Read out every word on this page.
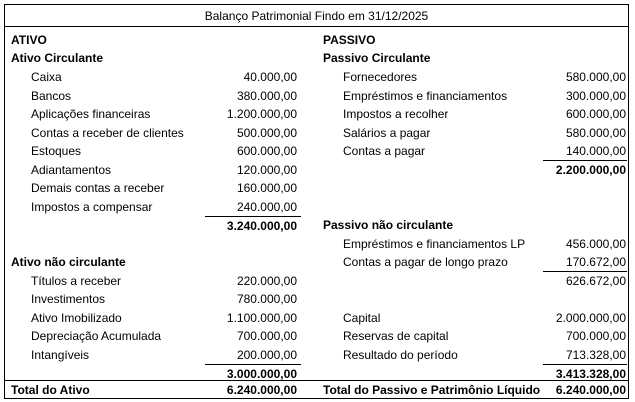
Balanço Patrimonial Findo em 31/12/2025
ATIVO
Ativo Circulante
Caixa	40.000,00
Bancos	380.000,00
Aplicações financeiras	1.200.000,00
Contas a receber de clientes	500.000,00
Estoques	600.000,00
Adiantamentos	120.000,00
Demais contas a receber	160.000,00
Impostos a compensar	240.000,00
3.240.000,00
Ativo não circulante
Títulos a receber	220.000,00
Investimentos	780.000,00
Ativo Imobilizado	1.100.000,00
Depreciação Acumulada	700.000,00
Intangíveis	200.000,00
3.000.000,00
PASSIVO
Passivo Circulante
Fornecedores	580.000,00
Empréstimos e financiamentos	300.000,00
Impostos a recolher	600.000,00
Salários a pagar	580.000,00
Contas a pagar	140.000,00
2.200.000,00
Passivo não circulante
Empréstimos e financiamentos LP	456.000,00
Contas a pagar de longo prazo	170.672,00
626.672,00
Capital	2.000.000,00
Reservas de capital	700.000,00
Resultado do período	713.328,00
3.413.328,00
Total do Ativo	6.240.000,00 Total do Passivo e Patrimônio Líquido 6.240.000,00
